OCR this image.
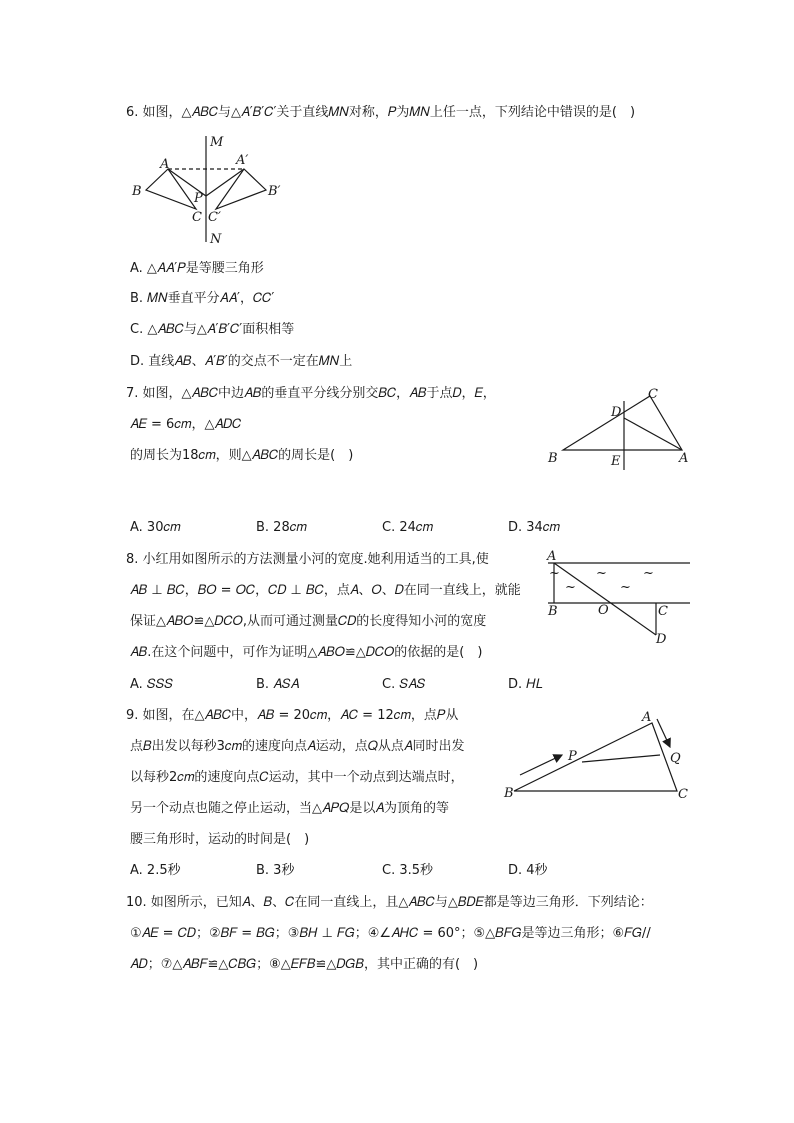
6. 如图，△𝐴𝐵𝐶与△𝐴′𝐵′𝐶′关于直线𝑀𝑁对称，𝑃为𝑀𝑁上任一点，下列结论中错误的是(　)
M
N
A
B
C
P
A′
B′
C′
A. △𝐴𝐴′𝑃是等腰三角形
B. 𝑀𝑁垂直平分𝐴𝐴′，𝐶𝐶′
C. △𝐴𝐵𝐶与△𝐴′𝐵′𝐶′面积相等
D. 直线𝐴𝐵、𝐴′𝐵′的交点不一定在𝑀𝑁上
7. 如图，△𝐴𝐵𝐶中边𝐴𝐵的垂直平分线分别交𝐵𝐶，𝐴𝐵于点𝐷，𝐸，
𝐴𝐸 = 6𝑐𝑚，△𝐴𝐷𝐶
的周长为18𝑐𝑚，则△𝐴𝐵𝐶的周长是(　)	A
B
C
D
E
A. 30𝑐𝑚	B. 28𝑐𝑚	C. 24𝑐𝑚	D. 34𝑐𝑚
8. 小红用如图所示的方法测量小河的宽度.她利用适当的工具,使
𝐴𝐵 ⊥ 𝐵𝐶，𝐵𝑂 = 𝑂𝐶，𝐶𝐷 ⊥ 𝐵𝐶，点𝐴、𝑂、𝐷在同一直线上，就能
保证△𝐴𝐵𝑂≌△𝐷𝐶𝑂,从而可通过测量𝐶𝐷的长度得知小河的宽度
𝐴𝐵.在这个问题中，可作为证明△𝐴𝐵𝑂≌△𝐷𝐶𝑂的依据的是(　)
A
B	O	C
D
~	~	~
~	~
A. 𝑆𝑆𝑆	B. 𝐴𝑆𝐴	C. 𝑆𝐴𝑆	D. 𝐻𝐿
9. 如图，在△𝐴𝐵𝐶中，𝐴𝐵 = 20𝑐𝑚，𝐴𝐶 = 12𝑐𝑚，点𝑃从
点𝐵出发以每秒3𝑐𝑚的速度向点𝐴运动，点𝑄从点𝐴同时出发
以每秒2𝑐𝑚的速度向点𝐶运动，其中一个动点到达端点时，
另一个动点也随之停止运动，当△𝐴𝑃𝑄是以𝐴为顶角的等
腰三角形时，运动的时间是(　)
A
B	C
P	Q
A. 2.5秒	B. 3秒	C. 3.5秒	D. 4秒
10. 如图所示，已知𝐴、𝐵、𝐶在同一直线上，且△𝐴𝐵𝐶与△𝐵𝐷𝐸都是等边三角形．下列结论：
①𝐴𝐸 = 𝐶𝐷；②𝐵𝐹 = 𝐵𝐺；③𝐵𝐻 ⊥ 𝐹𝐺；④∠𝐴𝐻𝐶 = 60°；⑤△𝐵𝐹𝐺是等边三角形；⑥𝐹𝐺//
𝐴𝐷；⑦△𝐴𝐵𝐹≌△𝐶𝐵𝐺；⑧△𝐸𝐹𝐵≌△𝐷𝐺𝐵，其中正确的有(　)
